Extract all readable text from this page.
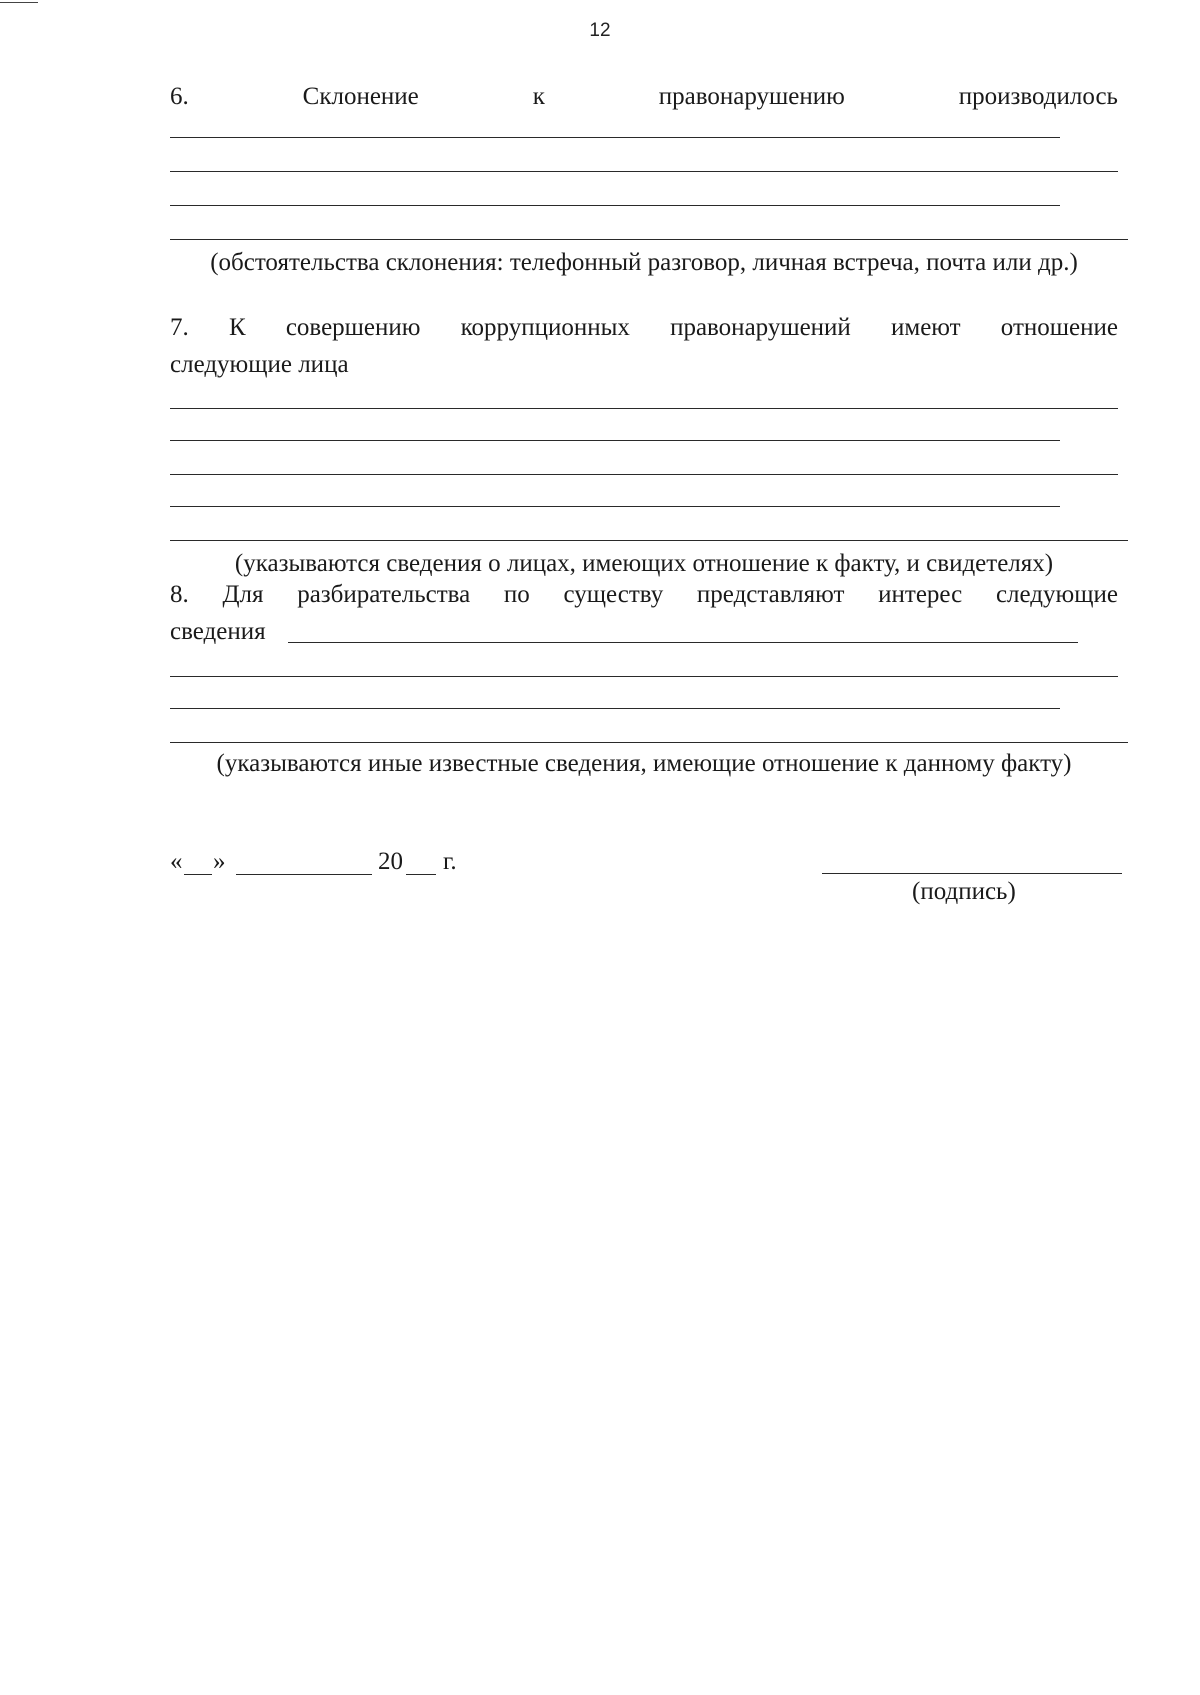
12
6.	Склонение	к	правонарушению	производилось
(обстоятельства склонения: телефонный разговор, личная встреча, почта или др.)
7. К совершению коррупционных правонарушений имеют отношение
следующие лица
(указываются сведения о лицах, имеющих отношение к факту, и свидетелях)
8. Для разбирательства по существу представляют интерес следующие
сведения
(указываются иные известные сведения, имеющие отношение к данному факту)
« »	20 г.
(подпись)
